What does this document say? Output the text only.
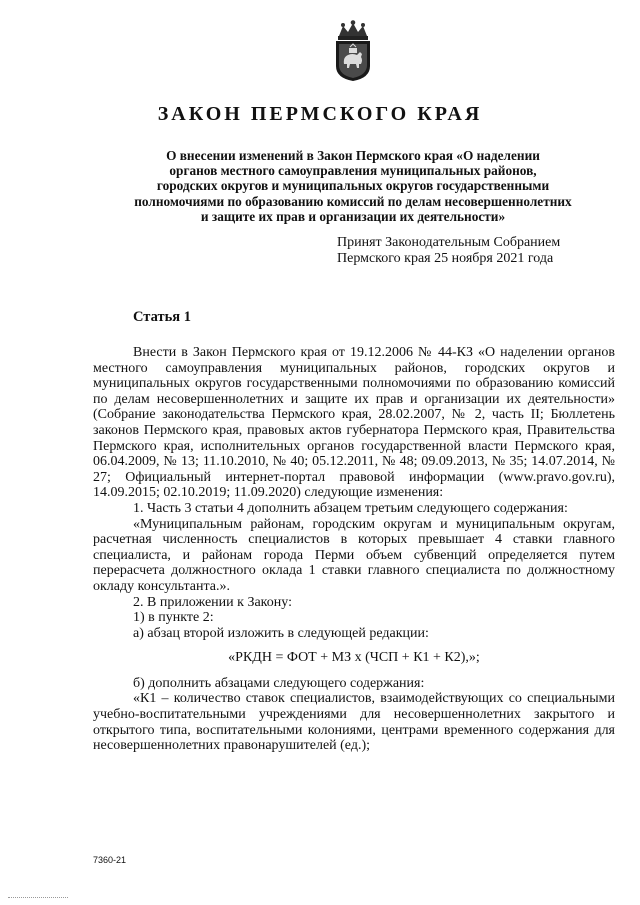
ЗАКОН ПЕРМСКОГО КРАЯ
О внесении изменений в Закон Пермского края «О наделении
органов местного самоуправления муниципальных районов,
городских округов и муниципальных округов государственными
полномочиями по образованию комиссий по делам несовершеннолетних
и защите их прав и организации их деятельности»
Принят Законодательным Собранием
Пермского края 25 ноября 2021 года
Статья 1

Внести в Закон Пермского края от 19.12.2006 № 44-КЗ «О наделении органов местного самоуправления муниципальных районов, городских округов и муниципальных округов государственными полномочиями по образованию комиссий по делам несовершеннолетних и защите их прав и организации их деятельности» (Собрание законодательства Пермского края, 28.02.2007, № 2, часть II; Бюллетень законов Пермского края, правовых актов губернатора Пермского края, Правительства Пермского края, исполнительных органов государственной власти Пермского края, 06.04.2009, № 13; 11.10.2010, № 40; 05.12.2011, № 48; 09.09.2013, № 35; 14.07.2014, № 27; Официальный интернет-портал правовой информации (www.pravo.gov.ru), 14.09.2015; 02.10.2019; 11.09.2020) следующие изменения:

1. Часть 3 статьи 4 дополнить абзацем третьим следующего содержания:

«Муниципальным районам, городским округам и муниципальным округам, расчетная численность специалистов в которых превышает 4 ставки главного специалиста, и районам города Перми объем субвенций определяется путем перерасчета должностного оклада 1 ставки главного специалиста по должностному окладу консультанта.».

2. В приложении к Закону:

1) в пункте 2:

а) абзац второй изложить в следующей редакции:

«РКДН = ФОТ + МЗ х (ЧСП + К1 + К2),»;

б) дополнить абзацами следующего содержания:

«К1 – количество ставок специалистов, взаимодействующих со специальными учебно-воспитательными учреждениями для несовершеннолетних закрытого и открытого типа, воспитательными колониями, центрами временного содержания для несовершеннолетних правонарушителей (ед.);

7360-21
